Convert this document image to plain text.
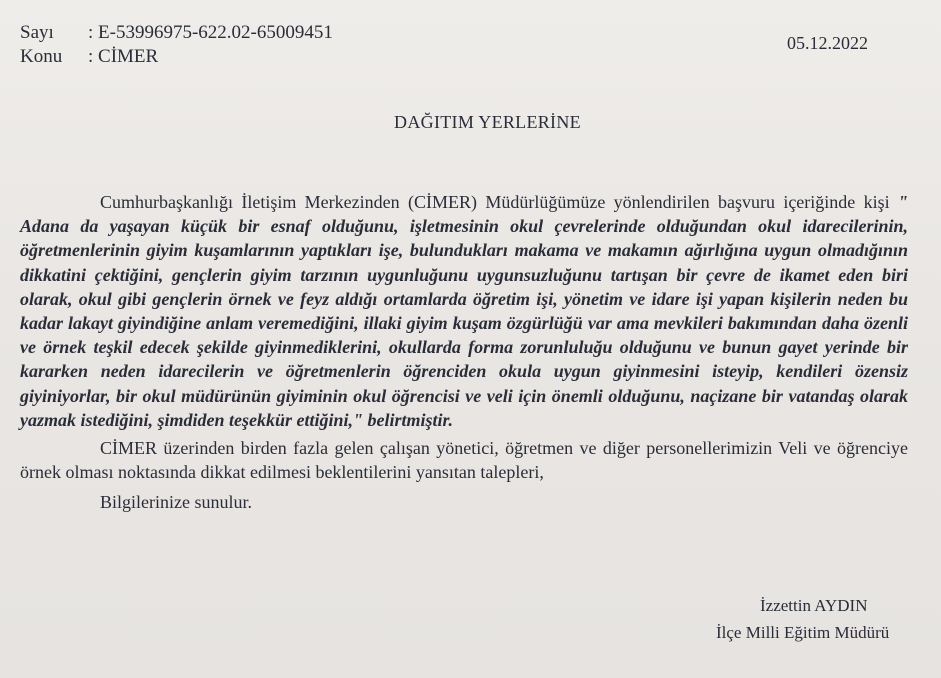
Sayı : E-53996975-622.02-65009451
Konu : CİMER
05.12.2022
DAĞITIM YERLERİNE

Cumhurbaşkanlığı İletişim Merkezinden (CİMER) Müdürlüğümüze yönlendirilen başvuru içeriğinde kişi " Adana da yaşayan küçük bir esnaf olduğunu, işletmesinin okul çevrelerinde olduğundan okul idarecilerinin, öğretmenlerinin giyim kuşamlarının yaptıkları işe, bulundukları makama ve makamın ağırlığına uygun olmadığının dikkatini çektiğini, gençlerin giyim tarzının uygunluğunu uygunsuzluğunu tartışan bir çevre de ikamet eden biri olarak, okul gibi gençlerin örnek ve feyz aldığı ortamlarda öğretim işi, yönetim ve idare işi yapan kişilerin neden bu kadar lakayt giyindiğine anlam veremediğini, illaki giyim kuşam özgürlüğü var ama mevkileri bakımından daha özenli ve örnek teşkil edecek şekilde giyinmediklerini, okullarda forma zorunluluğu olduğunu ve bunun gayet yerinde bir kararken neden idarecilerin ve öğretmenlerin öğrenciden okula uygun giyinmesini isteyip, kendileri özensiz giyiniyorlar, bir okul müdürünün giyiminin okul öğrencisi ve veli için önemli olduğunu, naçizane bir vatandaş olarak yazmak istediğini, şimdiden teşekkür ettiğini," belirtmiştir.

CİMER üzerinden birden fazla gelen çalışan yönetici, öğretmen ve diğer personellerimizin Veli ve öğrenciye örnek olması noktasında dikkat edilmesi beklentilerini yansıtan talepleri,

Bilgilerinize sunulur.

İzzettin AYDIN
İlçe Milli Eğitim Müdürü
